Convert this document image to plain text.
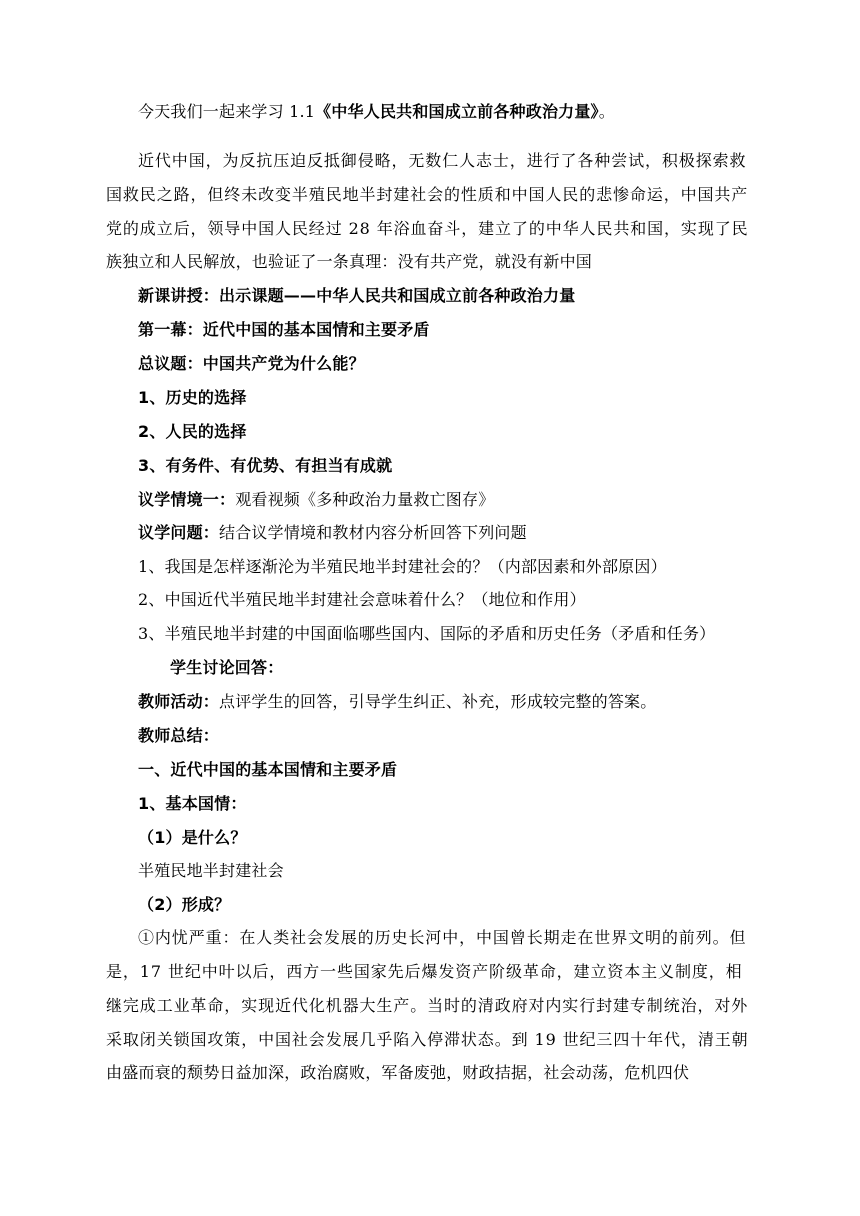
今天我们一起来学习 1.1《中华人民共和国成立前各种政治力量》。
近代中国，为反抗压迫反抵御侵略，无数仁人志士，进行了各种尝试，积极探索救
国救民之路，但终未改变半殖民地半封建社会的性质和中国人民的悲惨命运，中国共产
党的成立后，领导中国人民经过 28 年浴血奋斗，建立了的中华人民共和国，实现了民
族独立和人民解放，也验证了一条真理：没有共产党，就没有新中国
新课讲授：出示课题——中华人民共和国成立前各种政治力量
第一幕：近代中国的基本国情和主要矛盾
总议题：中国共产党为什么能？
1、历史的选择
2、人民的选择
3、有务件、有优势、有担当有成就
议学情境一：观看视频《多种政治力量救亡图存》
议学问题：结合议学情境和教材内容分析回答下列问题
1、我国是怎样逐渐沦为半殖民地半封建社会的？（内部因素和外部原因）
2、中国近代半殖民地半封建社会意味着什么？（地位和作用）
3、半殖民地半封建的中国面临哪些国内、国际的矛盾和历史任务（矛盾和任务）
学生讨论回答：
教师活动：点评学生的回答，引导学生纠正、补充，形成较完整的答案。
教师总结：
一、近代中国的基本国情和主要矛盾
1、基本国情：
（1）是什么？
半殖民地半封建社会
（2）形成？
①内忧严重：在人类社会发展的历史长河中，中国曾长期走在世界文明的前列。但
是，17 世纪中叶以后，西方一些国家先后爆发资产阶级革命，建立资本主义制度，相
继完成工业革命，实现近代化机器大生产。当时的清政府对内实行封建专制统治，对外
采取闭关锁国攻策，中国社会发展几乎陷入停滞状态。到 19 世纪三四十年代，清王朝
由盛而衰的颓势日益加深，政治腐败，军备废弛，财政拮据，社会动荡，危机四伏
